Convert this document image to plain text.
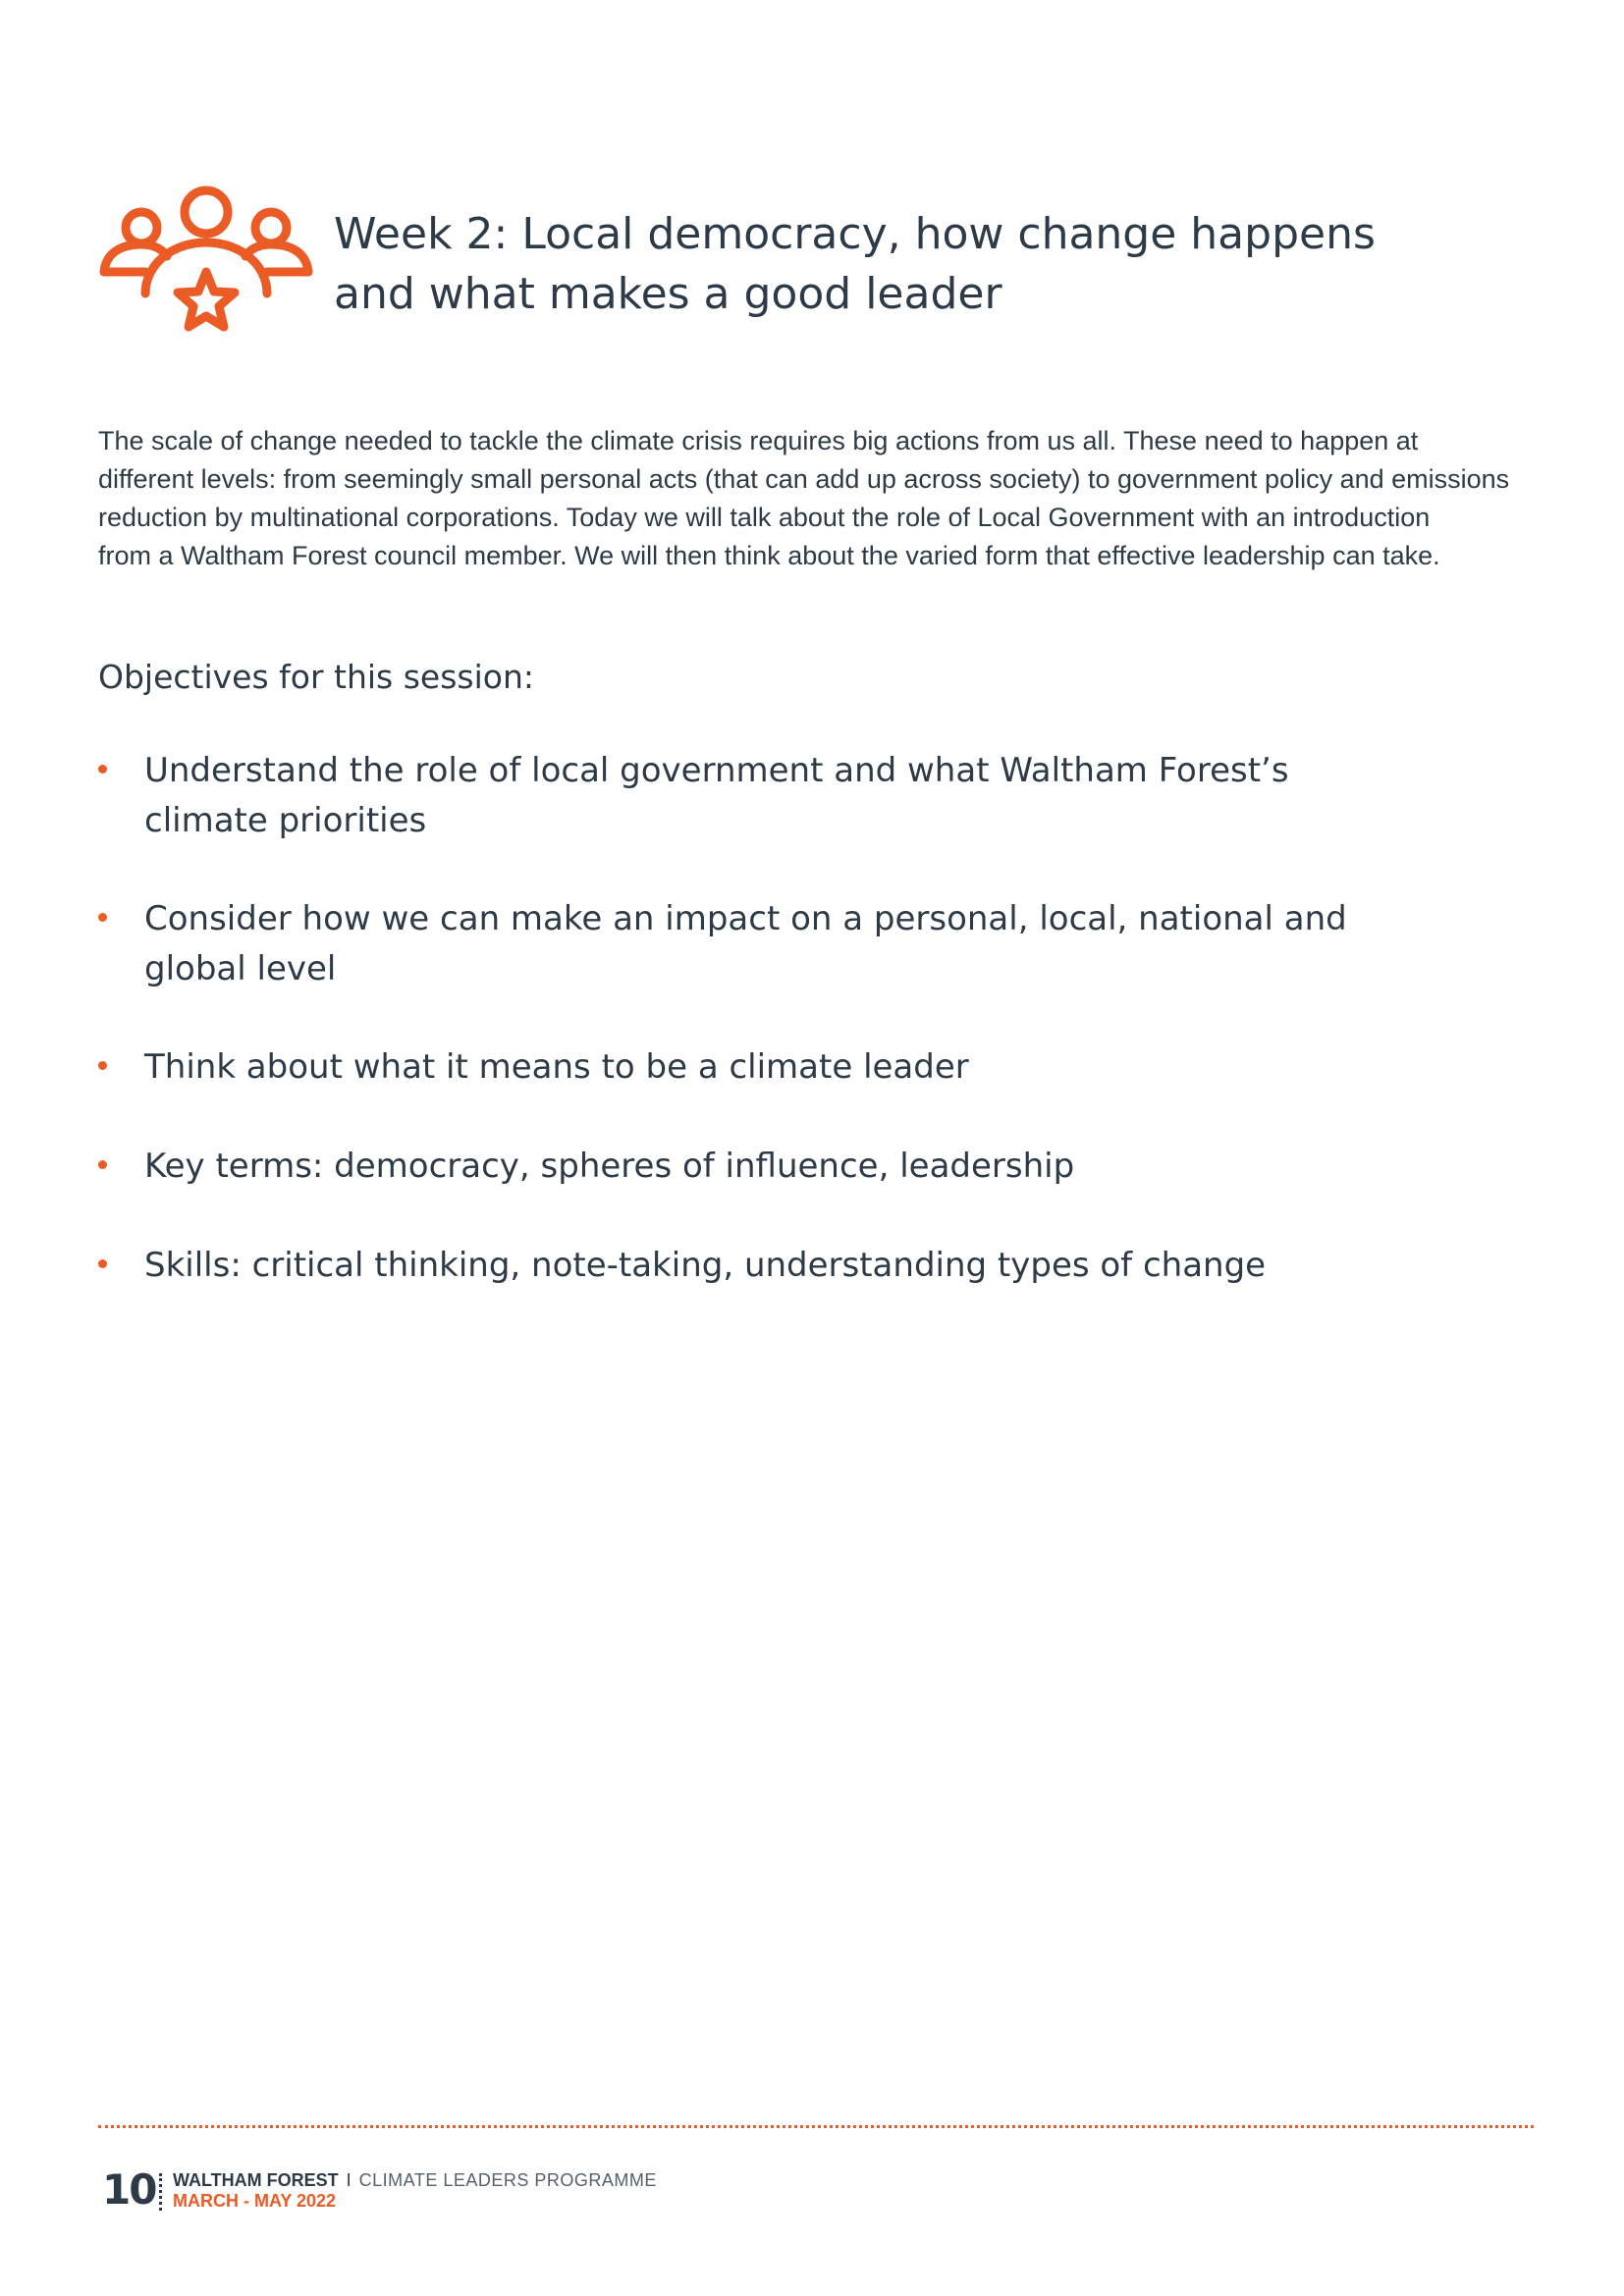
Week 2: Local democracy, how change happens
and what makes a good leader

The scale of change needed to tackle the climate crisis requires big actions from us all. These need to happen at
different levels: from seemingly small personal acts (that can add up across society) to government policy and emissions
reduction by multinational corporations. Today we will talk about the role of Local Government with an introduction
from a Waltham Forest council member. We will then think about the varied form that effective leadership can take.

Objectives for this session:
Understand the role of local government and what Waltham Forest’s
climate priorities
Consider how we can make an impact on a personal, local, national and
global level
Think about what it means to be a climate leader
Key terms: democracy, spheres of influence, leadership
Skills: critical thinking, note-taking, understanding types of change
10 WALTHAM FOREST I CLIMATE LEADERS PROGRAMME
MARCH - MAY 2022
